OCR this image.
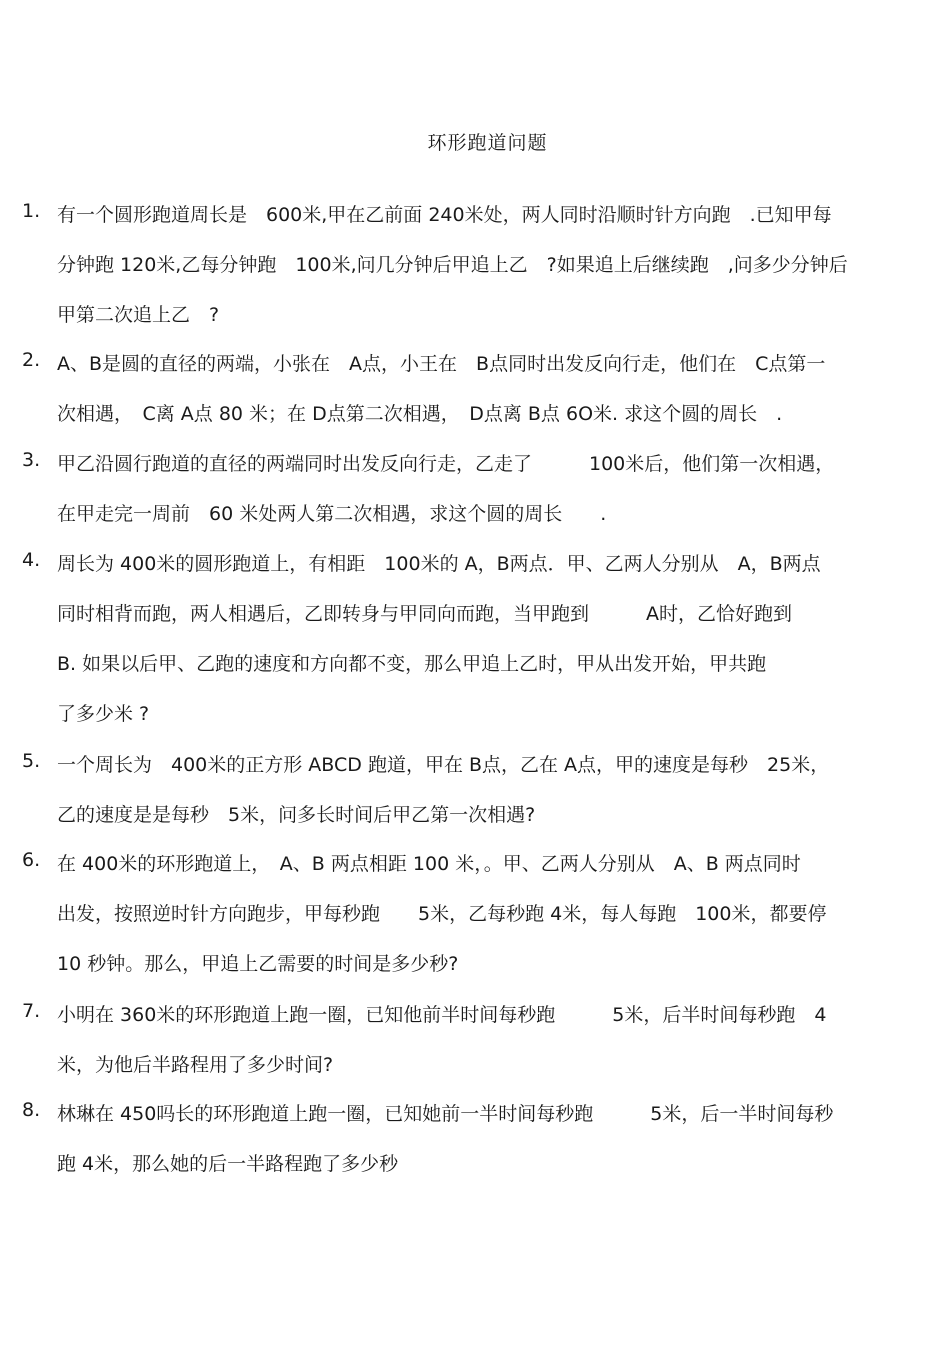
环形跑道问题
1. 有一个圆形跑道周长是　600米,甲在乙前面 240米处，两人同时沿顺时针方向跑　.已知甲每
分钟跑 120米,乙每分钟跑　100米,问几分钟后甲追上乙　?如果追上后继续跑　,问多少分钟后
甲第二次追上乙　?
2. A、B是圆的直径的两端，小张在　A点，小王在　B点同时出发反向行走，他们在　C点第一
次相遇，　C离 A点 80 米；在 D点第二次相遇，　D点离 B点 6O米. 求这个圆的周长　.
3. 甲乙沿圆行跑道的直径的两端同时出发反向行走，乙走了　　　100米后，他们第一次相遇，
在甲走完一周前　60 米处两人第二次相遇，求这个圆的周长　　.
4. 周长为 400米的圆形跑道上，有相距　100米的 A，B两点．甲、乙两人分别从　A，B两点
同时相背而跑，两人相遇后，乙即转身与甲同向而跑，当甲跑到　　　A时，乙恰好跑到
B. 如果以后甲、乙跑的速度和方向都不变，那么甲追上乙时，甲从出发开始，甲共跑
了多少米 ?
5. 一个周长为　400米的正方形 ABCD 跑道，甲在 B点，乙在 A点，甲的速度是每秒　25米，
乙的速度是是每秒　5米，问多长时间后甲乙第一次相遇?
6. 在 400米的环形跑道上，　A、B 两点相距 100 米，。甲、乙两人分别从　A、B 两点同时
出发，按照逆时针方向跑步，甲每秒跑　　5米，乙每秒跑 4米，每人每跑　100米，都要停
10 秒钟。那么，甲追上乙需要的时间是多少秒?
7. 小明在 360米的环形跑道上跑一圈，已知他前半时间每秒跑　　　5米，后半时间每秒跑　4
米，为他后半路程用了多少时间?
8. 林琳在 450吗长的环形跑道上跑一圈，已知她前一半时间每秒跑　　　5米，后一半时间每秒
跑 4米，那么她的后一半路程跑了多少秒
